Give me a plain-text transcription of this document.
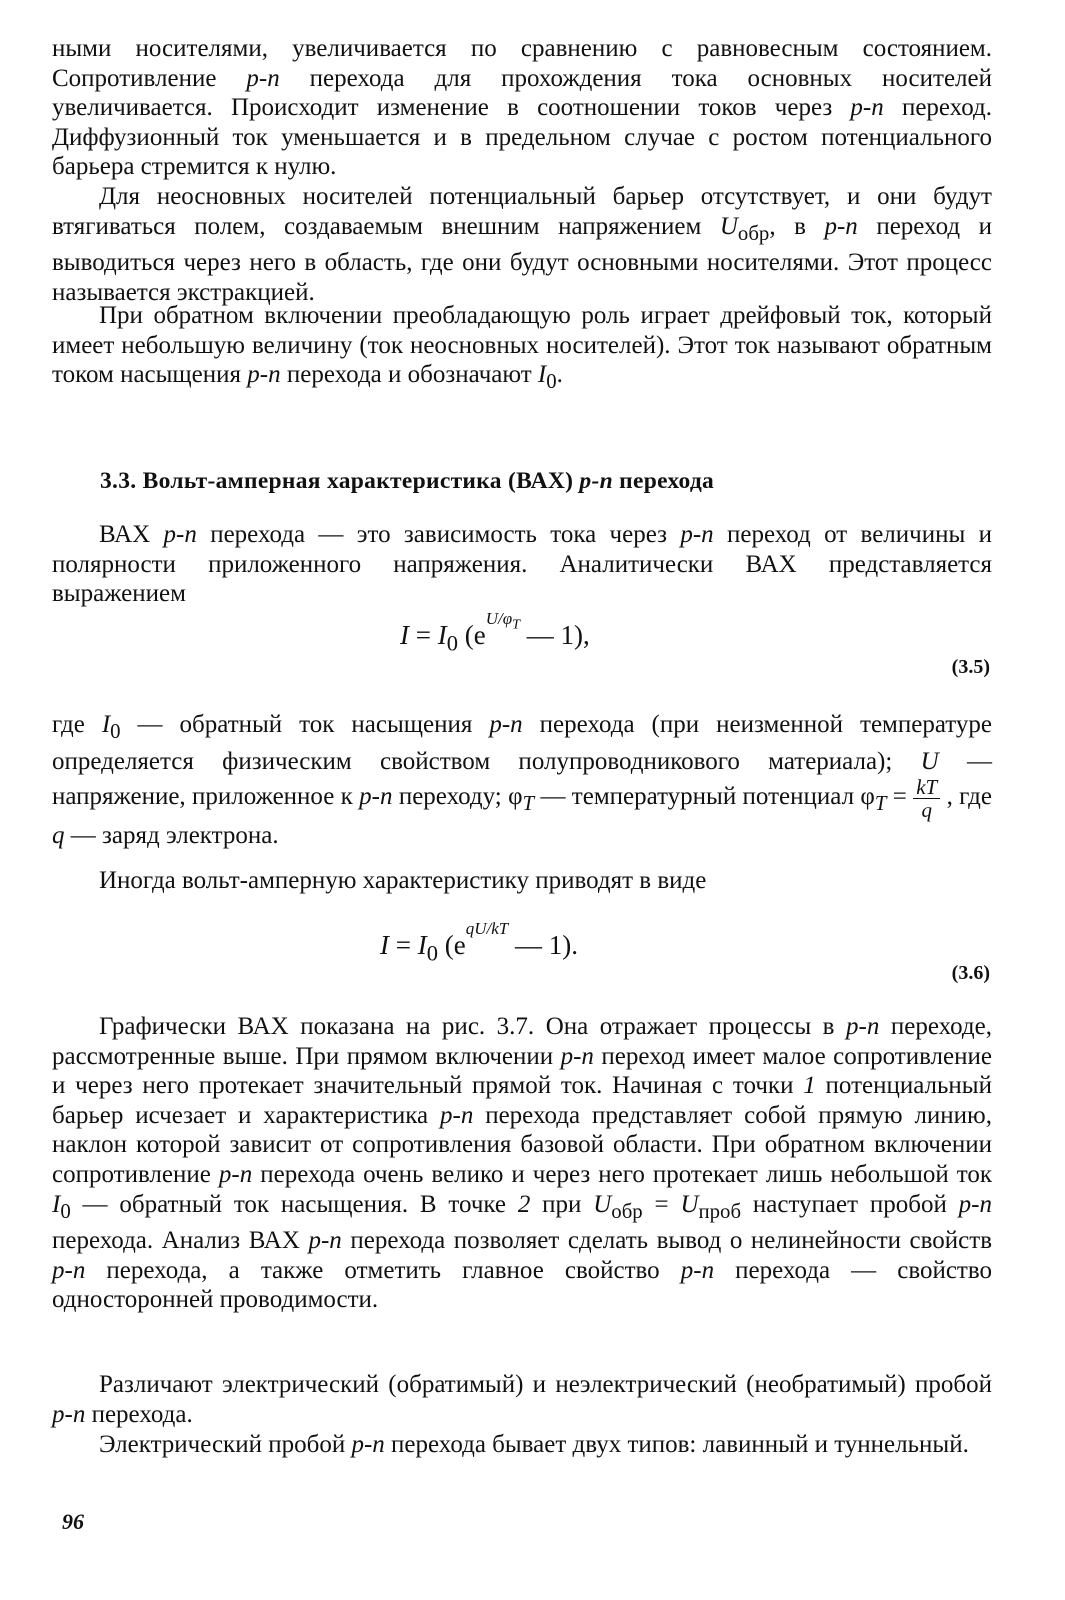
ными носителями, увеличивается по сравнению с равновесным состоянием. Сопротивление p-n перехода для прохождения тока основных носителей увеличивается. Происходит изменение в соотношении токов через p-n переход. Диффузионный ток уменьшается и в предельном случае с ростом потенциального барьера стремится к нулю.

Для неосновных носителей потенциальный барьер отсутствует, и они будут втягиваться полем, создаваемым внешним напряжением $U_{обр}$, в p-n переход и выводиться через него в область, где они будут основными носителями. Этот процесс называется экстракцией.

При обратном включении преобладающую роль играет дрейфовый ток, который имеет небольшую величину (ток неосновных носителей). Этот ток называют обратным током насыщения p-n перехода и обозначают $I_0$.

3.3. Вольт-амперная характеристика (ВАХ) p-n перехода

ВАХ p-n перехода — это зависимость тока через p-n переход от величины и полярности приложенного напряжения. Аналитически ВАХ представляется выражением

$I = I_0$ ($e^{U/\varphi_T}$ — 1),
(3.5)

где $I_0$ — обратный ток насыщения p-n перехода (при неизменной температуре определяется физическим свойством полупроводникового материала); U — напряжение, приложенное к p-n переходу; $\varphi_T$ — температурный потенциал $\varphi_T = \frac{kT}{q}$ , где q — заряд электрона.

Иногда вольт-амперную характеристику приводят в виде

$I = I_0$ ($e^{qU/kT}$ — 1).
(3.6)

Графически ВАХ показана на рис. 3.7. Она отражает процессы в p-n переходе, рассмотренные выше. При прямом включении p-n переход имеет малое сопротивление и через него протекает значительный прямой ток. Начиная с точки 1 потенциальный барьер исчезает и характеристика p-n перехода представляет собой прямую линию, наклон которой зависит от сопротивления базовой области. При обратном включении сопротивление p-n перехода очень велико и через него протекает лишь небольшой ток $I_0$ — обратный ток насыщения. В точке 2 при $U_{обр} = U_{проб}$ наступает пробой p-n перехода. Анализ ВАХ p-n перехода позволяет сделать вывод о нелинейности свойств p-n перехода, а также отметить главное свойство p-n перехода — свойство односторонней проводимости.

Различают электрический (обратимый) и неэлектрический (необратимый) пробой p-n перехода.

Электрический пробой p-n перехода бывает двух типов: лавинный и туннельный.

96
